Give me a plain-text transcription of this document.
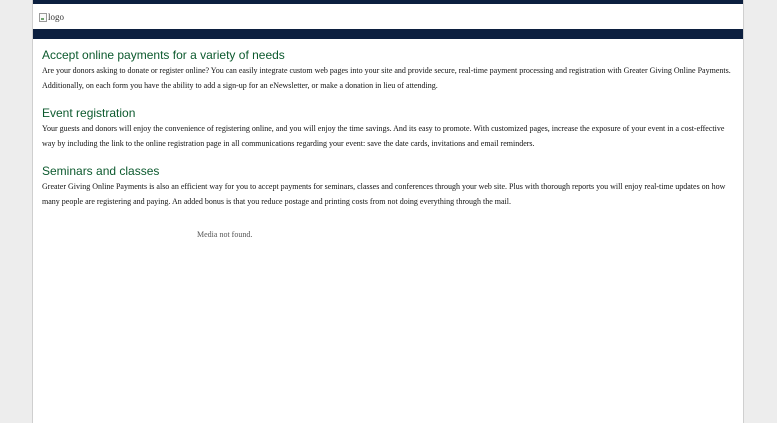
logo
Accept online payments for a variety of needs

Are your donors asking to donate or register online? You can easily integrate custom web pages into your site and provide secure, real-time payment processing and registration with Greater Giving Online Payments. Additionally, on each form you have the ability to add a sign-up for an eNewsletter, or make a donation in lieu of attending.

Event registration

Your guests and donors will enjoy the convenience of registering online, and you will enjoy the time savings. And its easy to promote. With customized pages, increase the exposure of your event in a cost-effective way by including the link to the online registration page in all communications regarding your event: save the date cards, invitations and email reminders.

Seminars and classes

Greater Giving Online Payments is also an efficient way for you to accept payments for seminars, classes and conferences through your web site. Plus with thorough reports you will enjoy real-time updates on how many people are registering and paying. An added bonus is that you reduce postage and printing costs from not doing everything through the mail.

Media not found.
